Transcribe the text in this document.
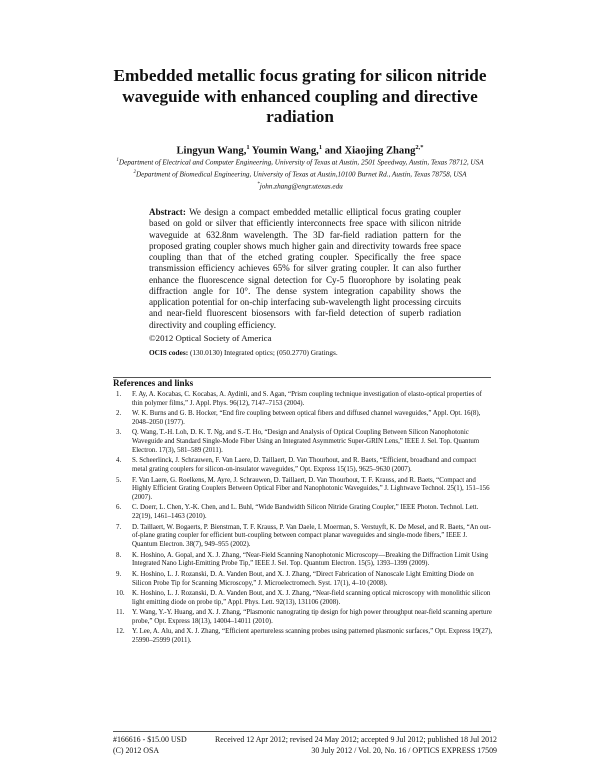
Embedded metallic focus grating for silicon nitride waveguide with enhanced coupling and directive radiation
Lingyun Wang,$^1$ Youmin Wang,$^1$ and Xiaojing Zhang$^{2,*}$
$^1$Department of Electrical and Computer Engineering, University of Texas at Austin, 2501 Speedway, Austin, Texas 78712, USA
$^2$Department of Biomedical Engineering, University of Texas at Austin,10100 Burnet Rd., Austin, Texas 78758, USA
*john.zhang@engr.utexas.edu
Abstract: We design a compact embedded metallic elliptical focus grating coupler based on gold or silver that efficiently interconnects free space with silicon nitride waveguide at 632.8nm wavelength. The 3D far-field radiation pattern for the proposed grating coupler shows much higher gain and directivity towards free space coupling than that of the etched grating coupler. Specifically the free space transmission efficiency achieves 65% for silver grating coupler. It can also further enhance the fluorescence signal detection for Cy-5 fluorophore by isolating peak diffraction angle for 10°. The dense system integration capability shows the application potential for on-chip interfacing sub-wavelength light processing circuits and near-field fluorescent biosensors with far-field detection of superb radiation directivity and coupling efficiency.
©2012 Optical Society of America
OCIS codes: (130.0130) Integrated optics; (050.2770) Gratings.
References and links
1. F. Ay, A. Kocabas, C. Kocabas, A. Aydinli, and S. Agan, “Prism coupling technique investigation of elasto-optical properties of thin polymer films,” J. Appl. Phys. 96(12), 7147–7153 (2004).
2. W. K. Burns and G. B. Hocker, “End fire coupling between optical fibers and diffused channel waveguides,” Appl. Opt. 16(8), 2048–2050 (1977).
3. Q. Wang, T.-H. Loh, D. K. T. Ng, and S.-T. Ho, “Design and Analysis of Optical Coupling Between Silicon Nanophotonic Waveguide and Standard Single-Mode Fiber Using an Integrated Asymmetric Super-GRIN Lens,” IEEE J. Sel. Top. Quantum Electron. 17(3), 581–589 (2011).
4. S. Scheerlinck, J. Schrauwen, F. Van Laere, D. Taillaert, D. Van Thourhout, and R. Baets, “Efficient, broadband and compact metal grating couplers for silicon-on-insulator waveguides,” Opt. Express 15(15), 9625–9630 (2007).
5. F. Van Laere, G. Roelkens, M. Ayre, J. Schrauwen, D. Taillaert, D. Van Thourhout, T. F. Krauss, and R. Baets, “Compact and Highly Efficient Grating Couplers Between Optical Fiber and Nanophotonic Waveguides,” J. Lightwave Technol. 25(1), 151–156 (2007).
6. C. Doerr, L. Chen, Y.-K. Chen, and L. Buhl, “Wide Bandwidth Silicon Nitride Grating Coupler,” IEEE Photon. Technol. Lett. 22(19), 1461–1463 (2010).
7. D. Taillaert, W. Bogaerts, P. Bienstman, T. F. Krauss, P. Van Daele, I. Moerman, S. Verstuyft, K. De Mesel, and R. Baets, “An out-of-plane grating coupler for efficient butt-coupling between compact planar waveguides and single-mode fibers,” IEEE J. Quantum Electron. 38(7), 949–955 (2002).
8. K. Hoshino, A. Gopal, and X. J. Zhang, “Near-Field Scanning Nanophotonic Microscopy—Breaking the Diffraction Limit Using Integrated Nano Light-Emitting Probe Tip,” IEEE J. Sel. Top. Quantum Electron. 15(5), 1393–1399 (2009).
9. K. Hoshino, L. J. Rozanski, D. A. Vanden Bout, and X. J. Zhang, “Direct Fabrication of Nanoscale Light Emitting Diode on Silicon Probe Tip for Scanning Microscopy,” J. Microelectromech. Syst. 17(1), 4–10 (2008).
10. K. Hoshino, L. J. Rozanski, D. A. Vanden Bout, and X. J. Zhang, “Near-field scanning optical microscopy with monolithic silicon light emitting diode on probe tip,” Appl. Phys. Lett. 92(13), 131106 (2008).
11. Y. Wang, Y.-Y. Huang, and X. J. Zhang, “Plasmonic nanograting tip design for high power throughput near-field scanning aperture probe,” Opt. Express 18(13), 14004–14011 (2010).
12. Y. Lee, A. Alu, and X. J. Zhang, “Efficient apertureless scanning probes using patterned plasmonic surfaces,” Opt. Express 19(27), 25990–25999 (2011).
#166616 - $15.00 USD	Received 12 Apr 2012; revised 24 May 2012; accepted 9 Jul 2012; published 18 Jul 2012
(C) 2012 OSA	30 July 2012 / Vol. 20, No. 16 / OPTICS EXPRESS 17509
